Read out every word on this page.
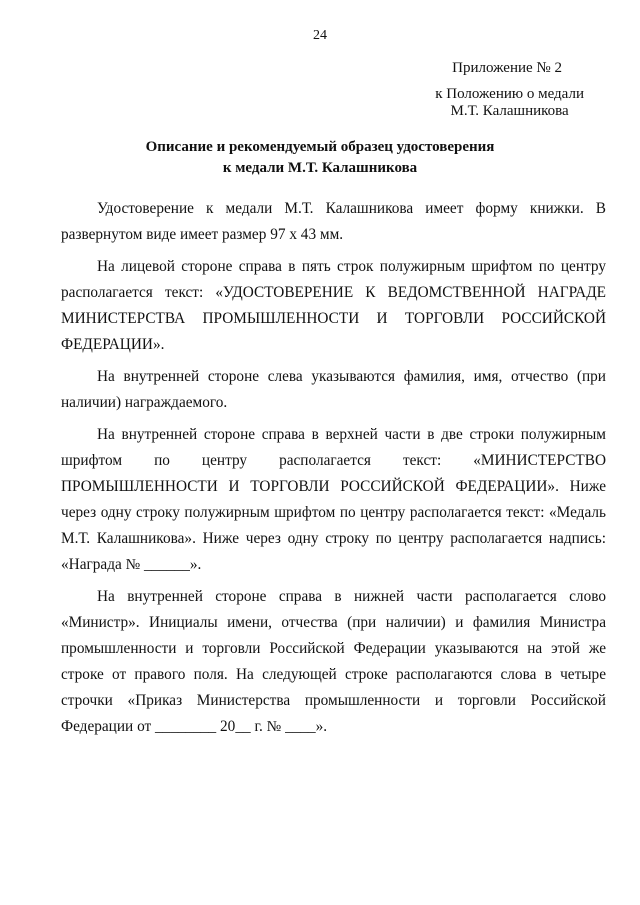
24
Приложение № 2
к Положению о медали
М.Т. Калашникова
Описание и рекомендуемый образец удостоверения
к медали М.Т. Калашникова

Удостоверение к медали М.Т. Калашникова имеет форму книжки. В развернутом виде имеет размер 97 х 43 мм.

На лицевой стороне справа в пять строк полужирным шрифтом по центру располагается текст: «УДОСТОВЕРЕНИЕ К ВЕДОМСТВЕННОЙ НАГРАДЕ МИНИСТЕРСТВА ПРОМЫШЛЕННОСТИ И ТОРГОВЛИ РОССИЙСКОЙ ФЕДЕРАЦИИ».

На внутренней стороне слева указываются фамилия, имя, отчество (при наличии) награждаемого.

На внутренней стороне справа в верхней части в две строки полужирным шрифтом по центру располагается текст: «МИНИСТЕРСТВО ПРОМЫШЛЕННОСТИ И ТОРГОВЛИ РОССИЙСКОЙ ФЕДЕРАЦИИ». Ниже через одну строку полужирным шрифтом по центру располагается текст: «Медаль М.Т. Калашникова». Ниже через одну строку по центру располагается надпись: «Награда № ______».

На внутренней стороне справа в нижней части располагается слово «Министр». Инициалы имени, отчества (при наличии) и фамилия Министра промышленности и торговли Российской Федерации указываются на этой же строке от правого поля. На следующей строке располагаются слова в четыре строчки «Приказ Министерства промышленности и торговли Российской Федерации от ________ 20__ г. № ____».
